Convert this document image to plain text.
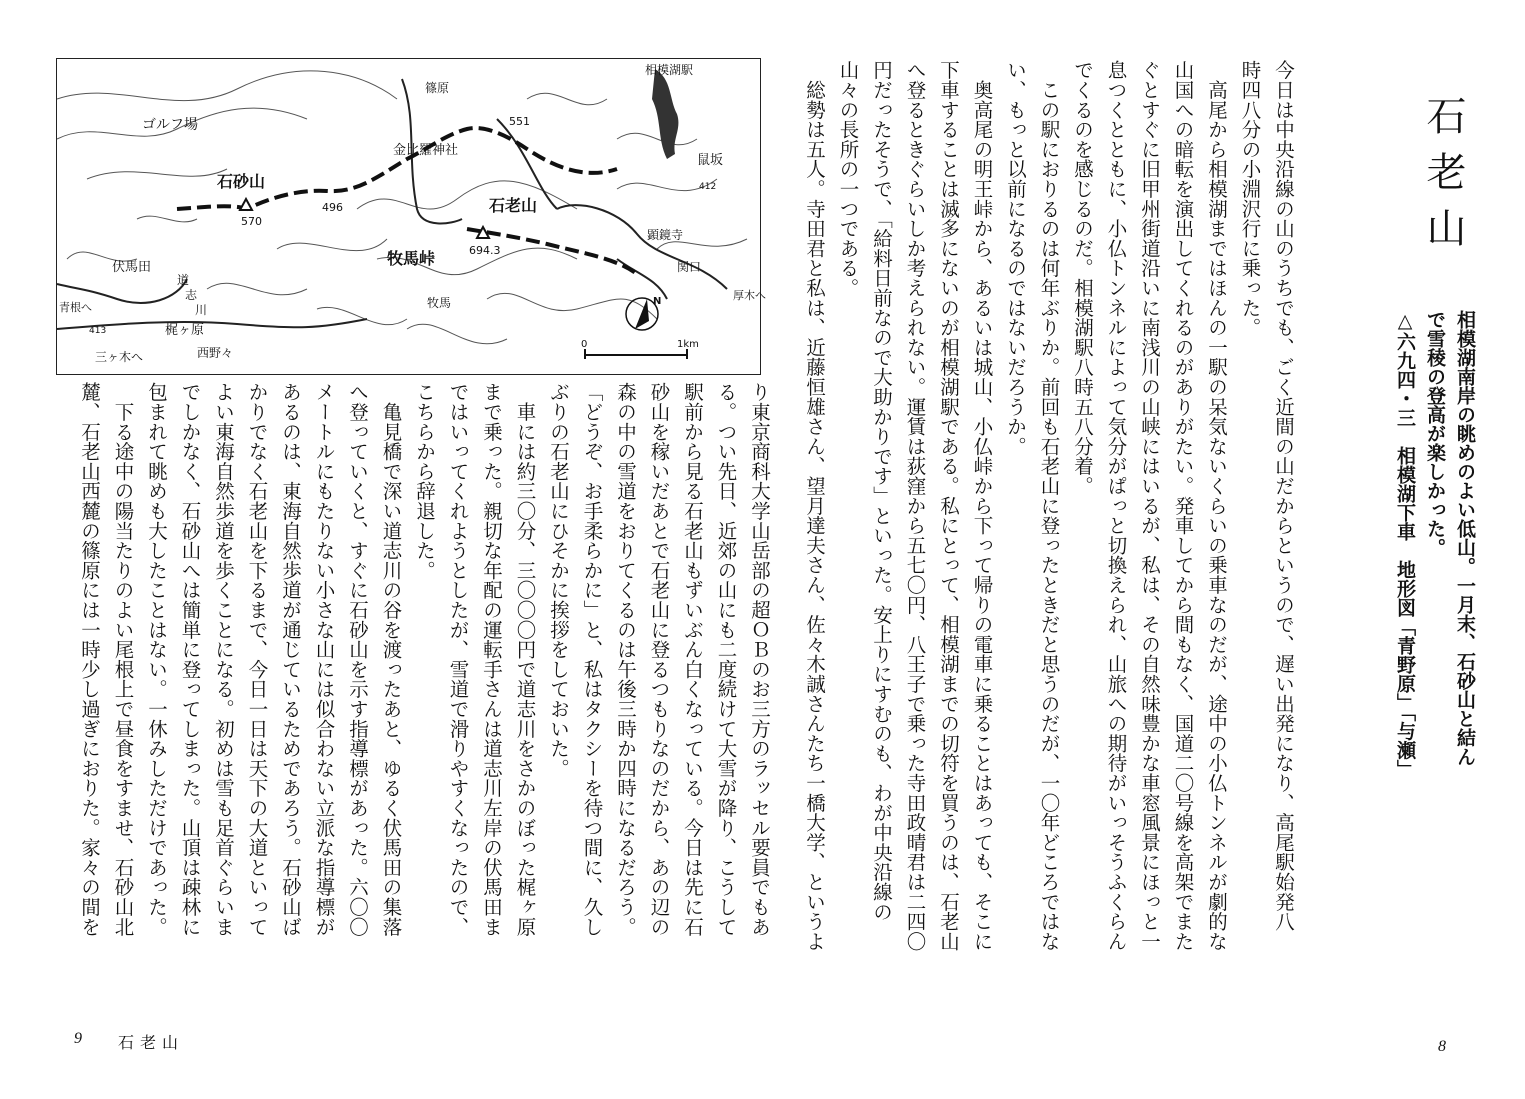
石老山
相模湖南岸の眺めのよい低山。一月末、石砂山と結んで雪稜の登高が楽しかった。
△六九四・三　相模湖下車　地形図「青野原」「与瀬」
今日は中央沿線の山のうちでも、ごく近間の山だからというので、遅い出発になり、高尾駅始発八
時四八分の小淵沢行に乗った。
　高尾から相模湖まではほんの一駅の呆気ないくらいの乗車なのだが、途中の小仏トンネルが劇的な
山国への暗転を演出してくれるのがありがたい。発車してから間もなく、国道二〇号線を高架でまた
ぐとすぐに旧甲州街道沿いに南浅川の山峡にはいるが、私は、その自然味豊かな車窓風景にほっと一
息つくとともに、小仏トンネルによって気分がぱっと切換えられ、山旅への期待がいっそうふくらん
でくるのを感じるのだ。相模湖駅八時五八分着。
　この駅におりるのは何年ぶりか。前回も石老山に登ったときだと思うのだが、一〇年どころではな
い、もっと以前になるのではないだろうか。
　奥高尾の明王峠から、あるいは城山、小仏峠から下って帰りの電車に乗ることはあっても、そこに
下車することは滅多にないのが相模湖駅である。私にとって、相模湖までの切符を買うのは、石老山
へ登るときぐらいしか考えられない。運賃は荻窪から五七〇円、八王子で乗った寺田政晴君は二四〇
円だったそうで、「給料日前なので大助かりです」といった。安上りにすむのも、わが中央沿線の
山々の長所の一つである。
　総勢は五人。寺田君と私は、近藤恒雄さん、望月達夫さん、佐々木誠さんたち一橋大学、というよ
8
り東京商科大学山岳部の超ＯＢのお三方のラッセル要員でもあ
る。つい先日、近郊の山にも二度続けて大雪が降り、こうして
駅前から見る石老山もずいぶん白くなっている。今日は先に石
砂山を稼いだあとで石老山に登るつもりなのだから、あの辺の
森の中の雪道をおりてくるのは午後三時か四時になるだろう。
「どうぞ、お手柔らかに」と、私はタクシーを待つ間に、久し
ぶりの石老山にひそかに挨拶をしておいた。
　車には約三〇分、三〇〇〇円で道志川をさかのぼった梶ヶ原
まで乗った。親切な年配の運転手さんは道志川左岸の伏馬田ま
ではいってくれようとしたが、雪道で滑りやすくなったので、
こちらから辞退した。
　亀見橋で深い道志川の谷を渡ったあと、ゆるく伏馬田の集落
へ登っていくと、すぐに石砂山を示す指導標があった。六〇〇
メートルにもたりない小さな山には似合わない立派な指導標が
あるのは、東海自然歩道が通じているためであろう。石砂山ば
かりでなく石老山を下るまで、今日一日は天下の大道といって
よい東海自然歩道を歩くことになる。初めは雪も足首ぐらいま
でしかなく、石砂山へは簡単に登ってしまった。山頂は疎林に
包まれて眺めも大したことはない。一休みしただけであった。
　下る途中の陽当たりのよい尾根上で昼食をすませ、石砂山北
麓、石老山西麓の篠原には一時少し過ぎにおりた。家々の間を
9 石老山
相模湖駅
篠原
ゴルフ場
金比羅神社
石砂山
570
496	石老山
694.3
551
鼠坂
顕鏡寺
厚木へ
関口
牧馬峠
牧馬
伏馬田
青根へ
道
志
川
梶ヶ原
西野々
三ヶ木へ
413
412
0	1km
N
